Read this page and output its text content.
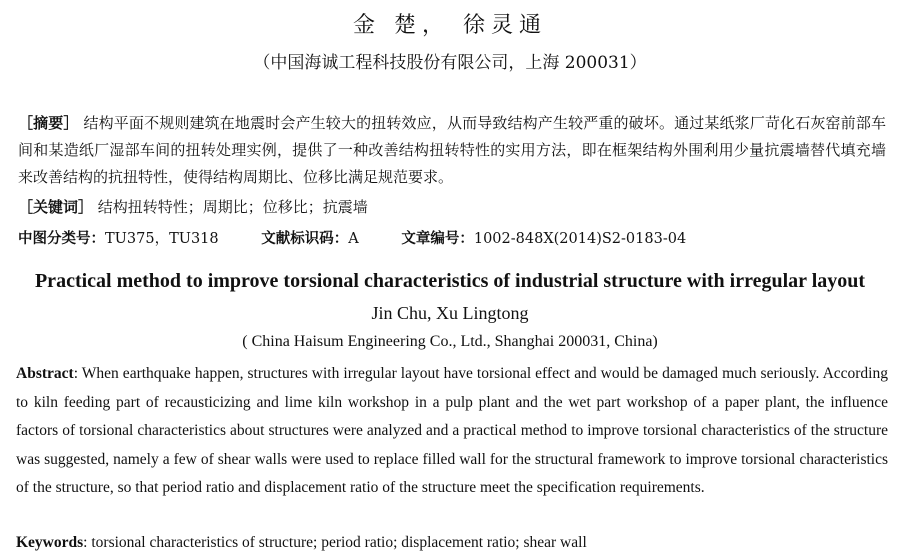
金 楚， 徐灵通
（中国海诚工程科技股份有限公司，上海 200031）
［摘要］ 结构平面不规则建筑在地震时会产生较大的扭转效应，从而导致结构产生较严重的破坏。通过某纸浆厂苛化石灰窑前部车间和某造纸厂湿部车间的扭转处理实例，提供了一种改善结构扭转特性的实用方法，即在框架结构外围利用少量抗震墙替代填充墙来改善结构的抗扭特性，使得结构周期比、位移比满足规范要求。
［关键词］ 结构扭转特性；周期比；位移比；抗震墙
中图分类号：TU375，TU318	文献标识码：A	文章编号：1002-848X(2014)S2-0183-04
Practical method to improve torsional characteristics of industrial structure with irregular layout
Jin Chu, Xu Lingtong
( China Haisum Engineering Co., Ltd., Shanghai 200031, China)
Abstract: When earthquake happen, structures with irregular layout have torsional effect and would be damaged much seriously. According to kiln feeding part of recausticizing and lime kiln workshop in a pulp plant and the wet part workshop of a paper plant, the influence factors of torsional characteristics about structures were analyzed and a practical method to improve torsional characteristics of the structure was suggested, namely a few of shear walls were used to replace filled wall for the structural framework to improve torsional characteristics of the structure, so that period ratio and displacement ratio of the structure meet the specification requirements.
Keywords: torsional characteristics of structure; period ratio; displacement ratio; shear wall
